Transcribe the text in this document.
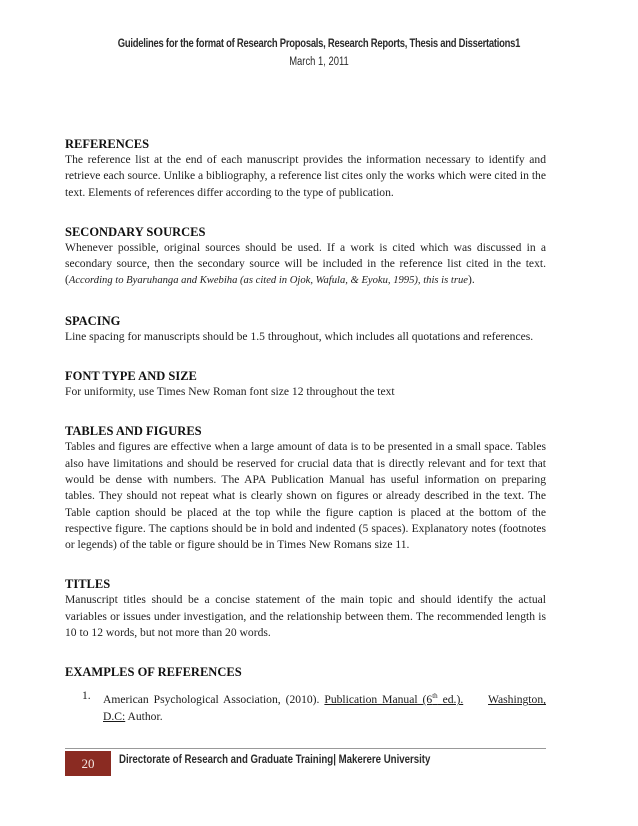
Guidelines for the format of Research Proposals, Research Reports, Thesis and Dissertations1
March 1, 2011
REFERENCES
The reference list at the end of each manuscript provides the information necessary to identify and retrieve each source. Unlike a bibliography, a reference list cites only the works which were cited in the text. Elements of references differ according to the type of publication.
SECONDARY SOURCES
Whenever possible, original sources should be used. If a work is cited which was discussed in a secondary source, then the secondary source will be included in the reference list cited in the text. (According to Byaruhanga and Kwebiha (as cited in Ojok, Wafula, & Eyoku, 1995), this is true).
SPACING
Line spacing for manuscripts should be 1.5 throughout, which includes all quotations and references.
FONT TYPE AND SIZE
For uniformity, use Times New Roman font size 12 throughout the text
TABLES AND FIGURES
Tables and figures are effective when a large amount of data is to be presented in a small space. Tables also have limitations and should be reserved for crucial data that is directly relevant and for text that would be dense with numbers. The APA Publication Manual has useful information on preparing tables. They should not repeat what is clearly shown on figures or already described in the text. The Table caption should be placed at the top while the figure caption is placed at the bottom of the respective figure. The captions should be in bold and indented (5 spaces). Explanatory notes (footnotes or legends) of the table or figure should be in Times New Romans size 11.
TITLES
Manuscript titles should be a concise statement of the main topic and should identify the actual variables or issues under investigation, and the relationship between them. The recommended length is 10 to 12 words, but not more than 20 words.
EXAMPLES OF REFERENCES
1. American Psychological Association, (2010). Publication Manual (6th ed.). Washington, D.C: Author.
20	Directorate of Research and Graduate Training| Makerere University
